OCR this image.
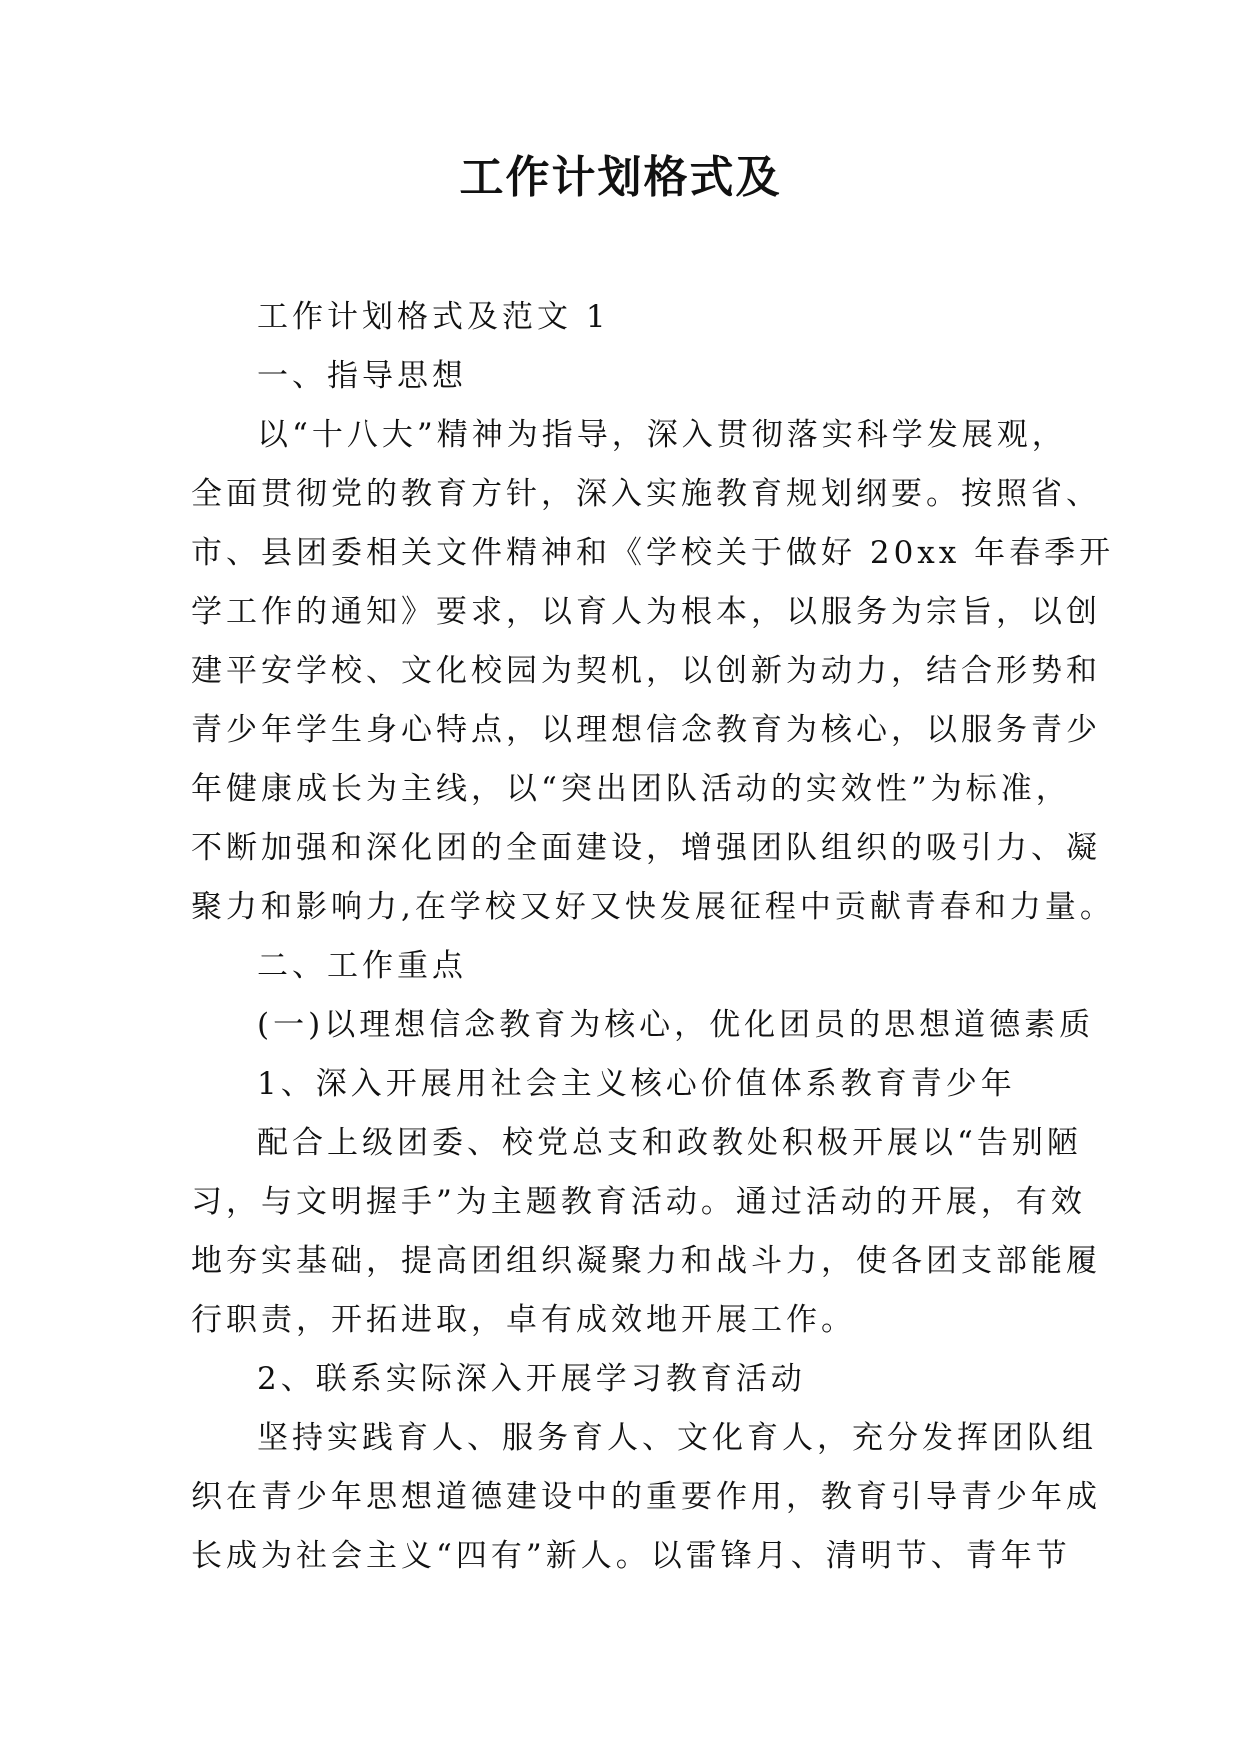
工作计划格式及

工作计划格式及范文 1

一、指导思想

以“十八大”精神为指导，深入贯彻落实科学发展观，

全面贯彻党的教育方针，深入实施教育规划纲要。按照省、

市、县团委相关文件精神和《学校关于做好 20xx 年春季开

学工作的通知》要求，以育人为根本，以服务为宗旨，以创

建平安学校、文化校园为契机，以创新为动力，结合形势和

青少年学生身心特点，以理想信念教育为核心，以服务青少

年健康成长为主线，以“突出团队活动的实效性”为标准，

不断加强和深化团的全面建设，增强团队组织的吸引力、凝

聚力和影响力,在学校又好又快发展征程中贡献青春和力量。

二、工作重点

(一)以理想信念教育为核心，优化团员的思想道德素质

1、深入开展用社会主义核心价值体系教育青少年

配合上级团委、校党总支和政教处积极开展以“告别陋

习，与文明握手”为主题教育活动。通过活动的开展，有效

地夯实基础，提高团组织凝聚力和战斗力，使各团支部能履

行职责，开拓进取，卓有成效地开展工作。

2、联系实际深入开展学习教育活动

坚持实践育人、服务育人、文化育人，充分发挥团队组

织在青少年思想道德建设中的重要作用，教育引导青少年成

长成为社会主义“四有”新人。以雷锋月、清明节、青年节
